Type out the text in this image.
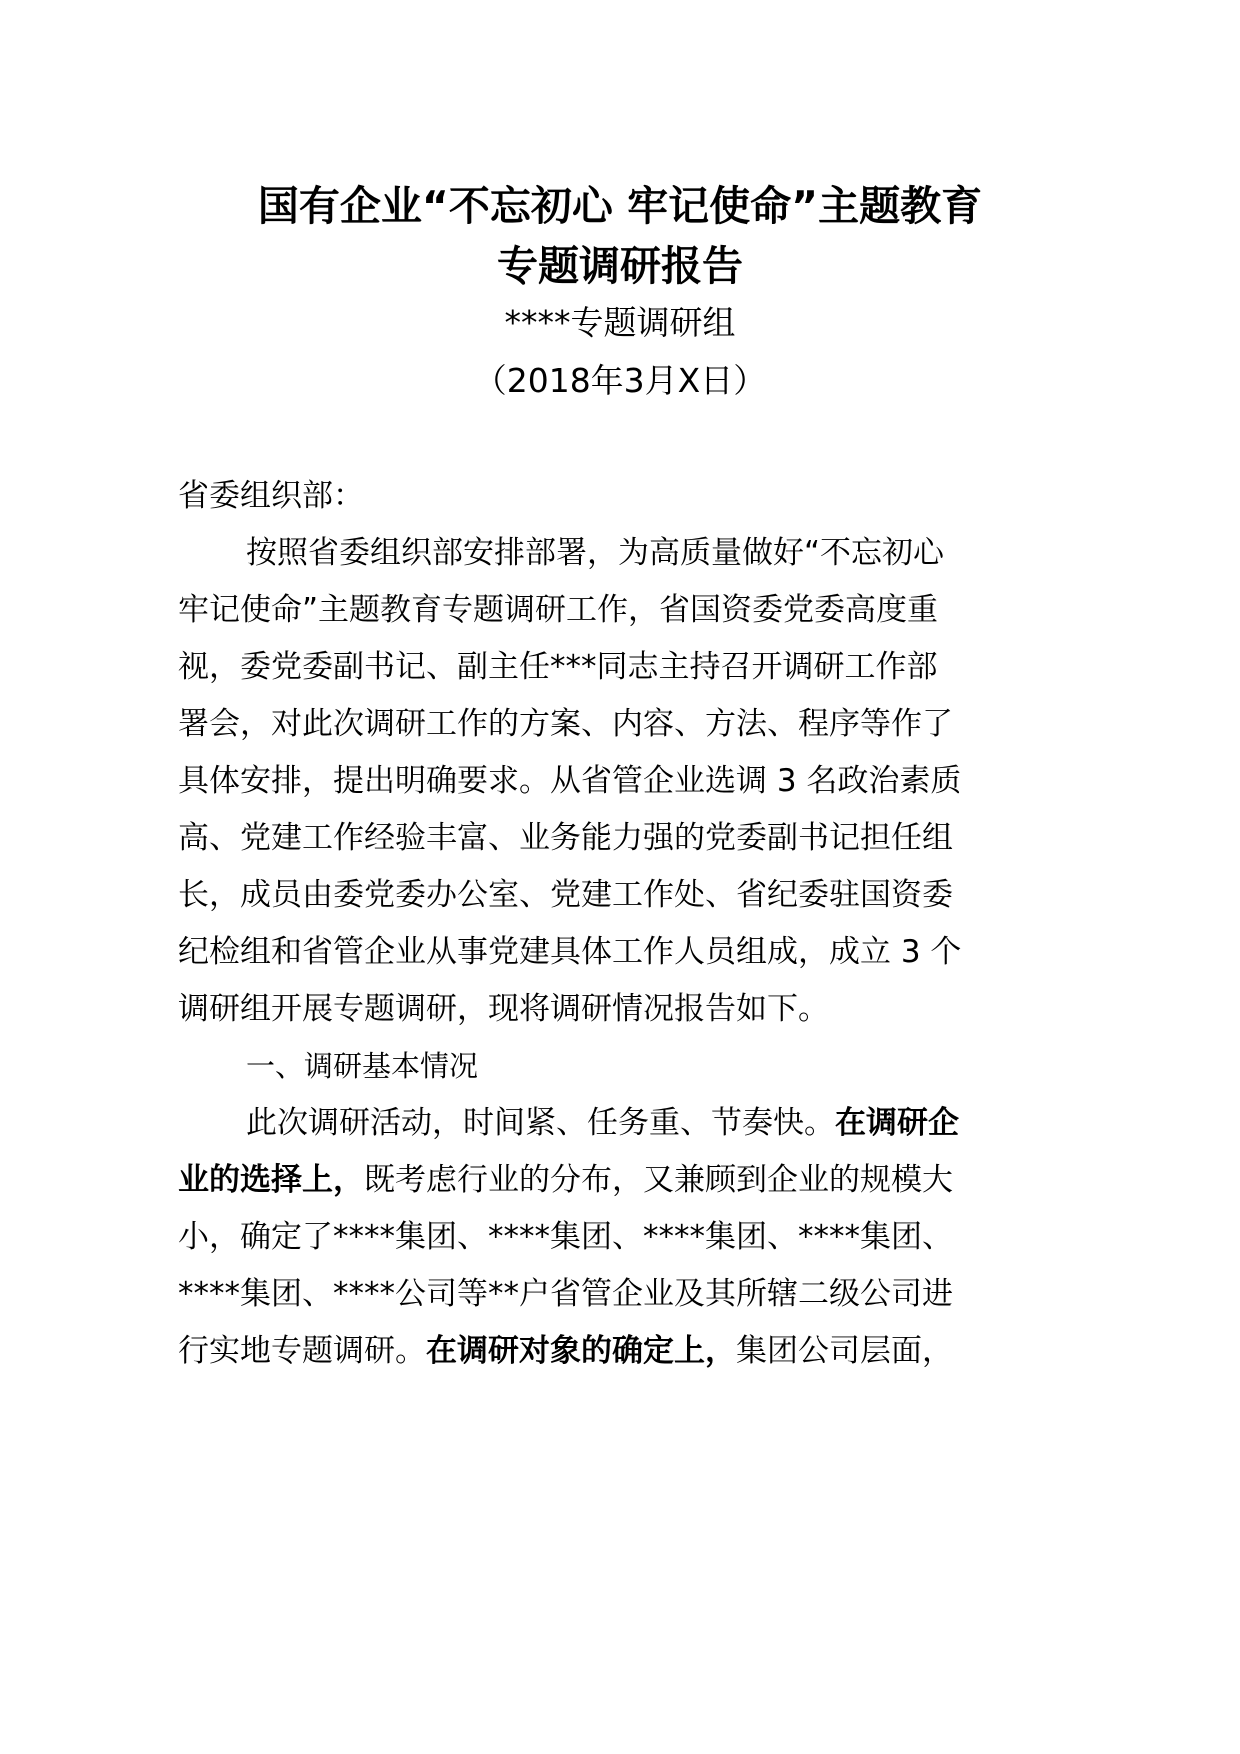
国有企业“不忘初心 牢记使命”主题教育
专题调研报告
****专题调研组
（2018年3月X日）
省委组织部：
按照省委组织部安排部署，为高质量做好“不忘初心
牢记使命”主题教育专题调研工作，省国资委党委高度重
视，委党委副书记、副主任***同志主持召开调研工作部
署会，对此次调研工作的方案、内容、方法、程序等作了
具体安排，提出明确要求。从省管企业选调 3 名政治素质
高、党建工作经验丰富、业务能力强的党委副书记担任组
长，成员由委党委办公室、党建工作处、省纪委驻国资委
纪检组和省管企业从事党建具体工作人员组成，成立 3 个
调研组开展专题调研，现将调研情况报告如下。
一、调研基本情况
此次调研活动，时间紧、任务重、节奏快。在调研企
业的选择上，既考虑行业的分布，又兼顾到企业的规模大
小，确定了****集团、****集团、****集团、****集团、
****集团、****公司等**户省管企业及其所辖二级公司进
行实地专题调研。在调研对象的确定上，集团公司层面，
